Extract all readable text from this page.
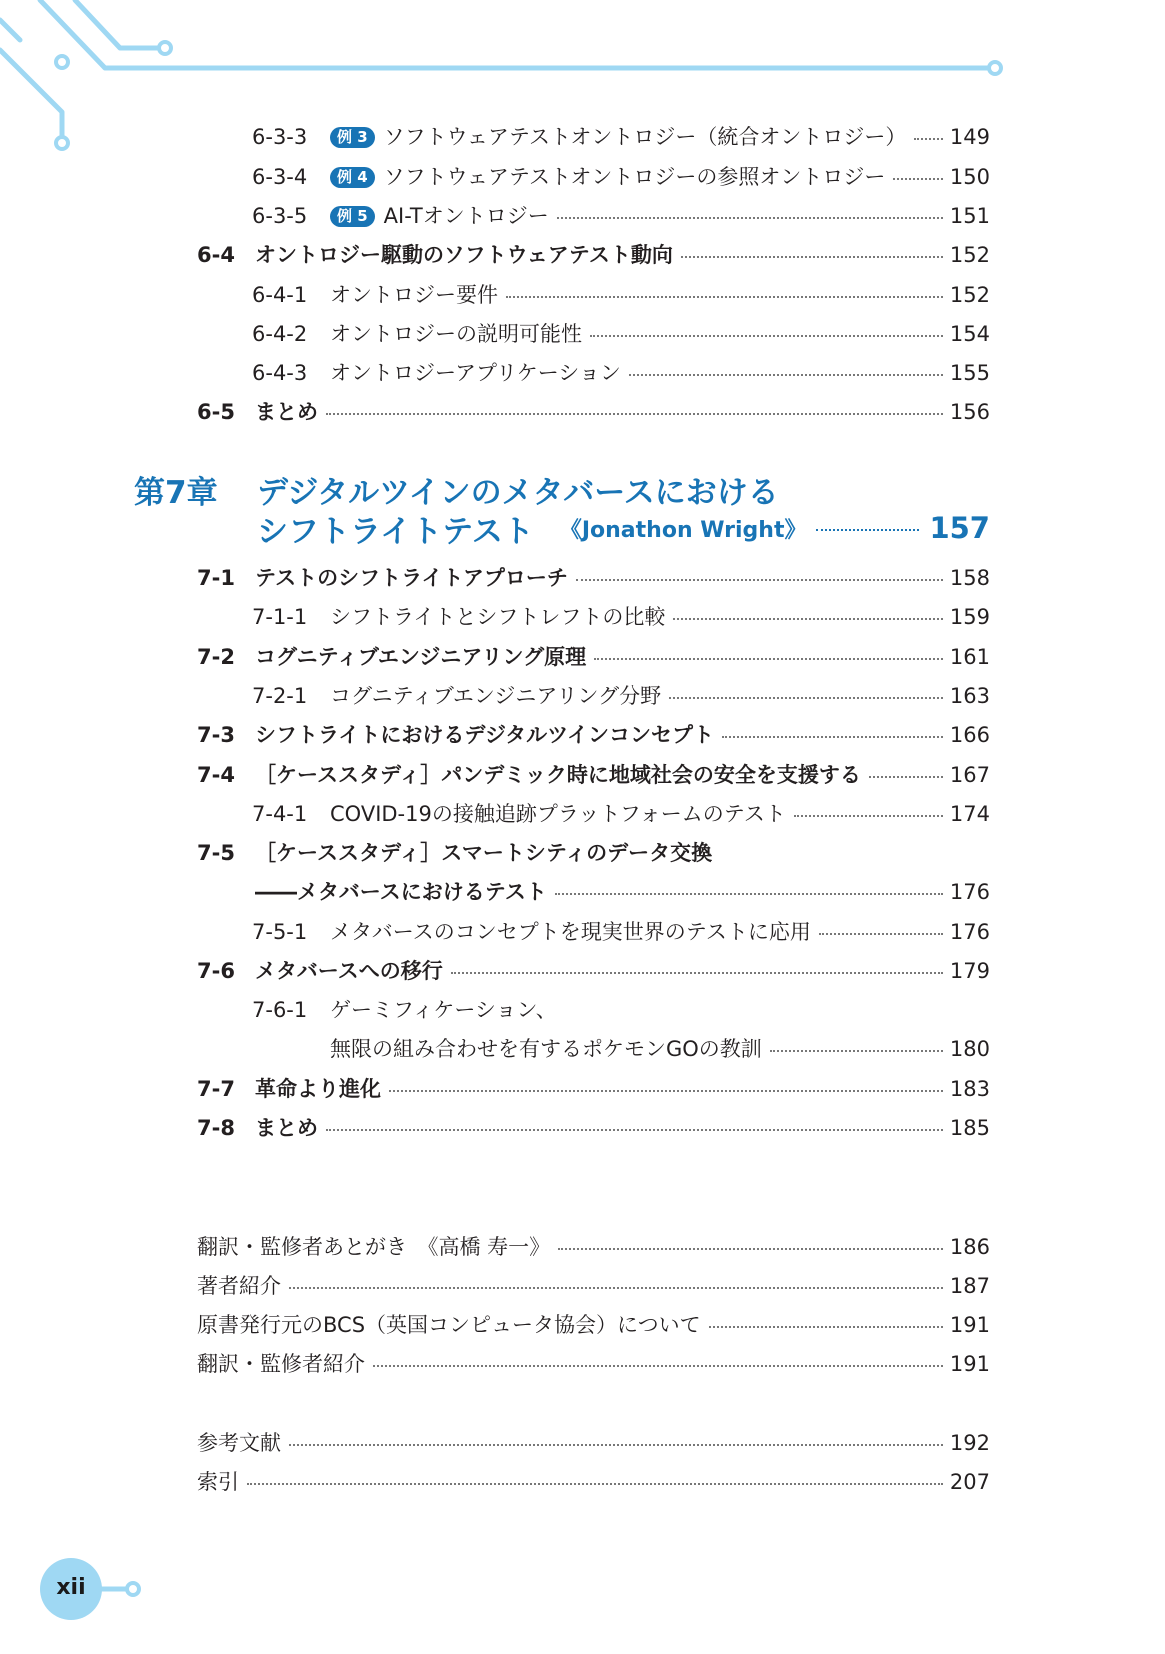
6-3-3	例 3 ソフトウェアテストオントロジー（統合オントロジー） 149
6-3-4	例 4 ソフトウェアテストオントロジーの参照オントロジー	150
6-3-5	例 5 AI-Tオントロジー	151
6-4 オントロジー駆動のソフトウェアテスト動向	152
6-4-1 オントロジー要件	152
6-4-2 オントロジーの説明可能性	154
6-4-3 オントロジーアプリケーション	155
6-5 まとめ	156
第7章 デジタルツインのメタバースにおける
シフトライトテスト 《Jonathon Wright》	157
7-1 テストのシフトライトアプローチ	158
7-1-1 シフトライトとシフトレフトの比較	159
7-2 コグニティブエンジニアリング原理	161
7-2-1 コグニティブエンジニアリング分野	163
7-3 シフトライトにおけるデジタルツインコンセプト	166
7-4 ［ケーススタディ］パンデミック時に地域社会の安全を支援する	167
7-4-1 COVID-19の接触追跡プラットフォームのテスト	174
7-5 ［ケーススタディ］スマートシティのデータ交換
――メタバースにおけるテスト	176
7-5-1 メタバースのコンセプトを現実世界のテストに応用	176
7-6 メタバースへの移行	179
7-6-1 ゲーミフィケーション、
無限の組み合わせを有するポケモンGOの教訓	180
7-7 革命より進化	183
7-8 まとめ	185
翻訳・監修者あとがき　《高橋 寿一》	186
著者紹介	187
原書発行元のBCS（英国コンピュータ協会）について	191
翻訳・監修者紹介	191
参考文献	192
索引	207
xii
